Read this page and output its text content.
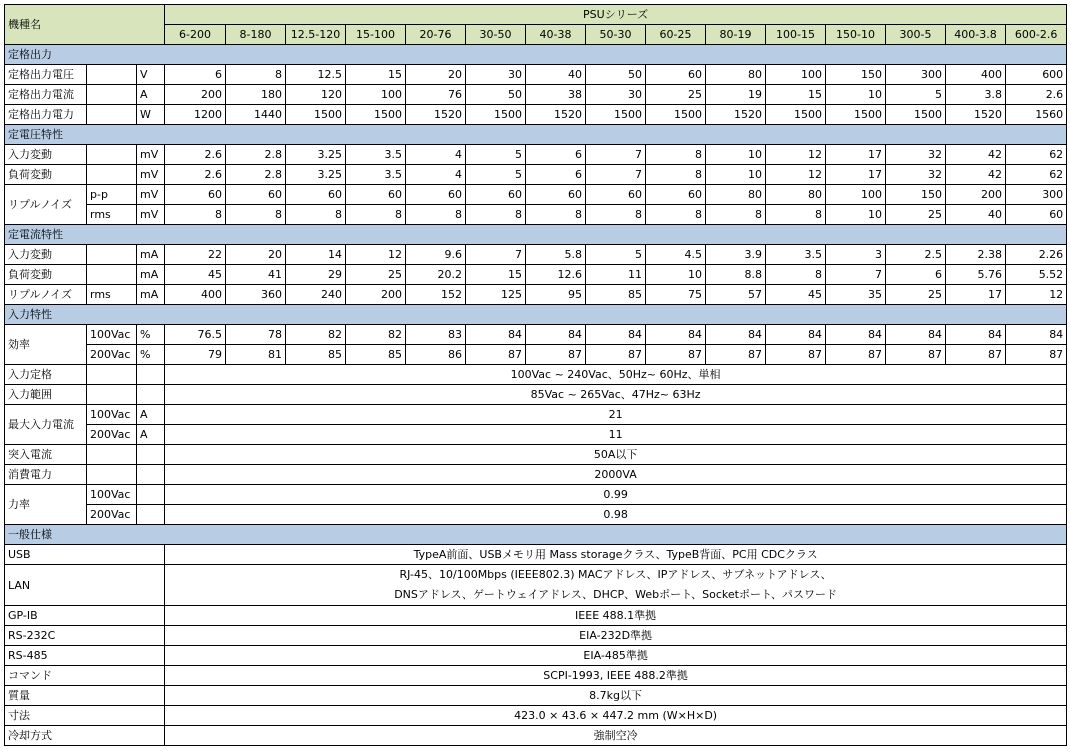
機種名			PSUシリーズ														
			6-200	8-180	12.5-120	15-100	20-76	30-50	40-38	50-30	60-25	80-19	100-15	150-10	300-5	400-3.8	600-2.6
定格出力																	
定格出力電圧		V	6	8	12.5	15	20	30	40	50	60	80	100	150	300	400	600
定格出力電流		A	200	180	120	100	76	50	38	30	25	19	15	10	5	3.8	2.6
定格出力電力		W	1200	1440	1500	1500	1520	1500	1520	1500	1500	1520	1500	1500	1500	1520	1560
定電圧特性																	
入力変動		mV	2.6	2.8	3.25	3.5	4	5	6	7	8	10	12	17	32	42	62
負荷変動		mV	2.6	2.8	3.25	3.5	4	5	6	7	8	10	12	17	32	42	62
リプルノイズ	p-p	mV	60	60	60	60	60	60	60	60	60	80	80	100	150	200	300
	rms	mV	8	8	8	8	8	8	8	8	8	8	8	10	25	40	60
定電流特性																	
入力変動		mA	22	20	14	12	9.6	7	5.8	5	4.5	3.9	3.5	3	2.5	2.38	2.26
負荷変動		mA	45	41	29	25	20.2	15	12.6	11	10	8.8	8	7	6	5.76	5.52
リプルノイズ	rms	mA	400	360	240	200	152	125	95	85	75	57	45	35	25	17	12
入力特性																	
効率	100Vac	%	76.5	78	82	82	83	84	84	84	84	84	84	84	84	84	84
	200Vac	%	79	81	85	85	86	87	87	87	87	87	87	87	87	87	87
入力定格			100Vac ~ 240Vac、50Hz~ 60Hz、単相														
入力範囲			85Vac ~ 265Vac、47Hz~ 63Hz														
最大入力電流	100Vac	A	21														
	200Vac	A	11														
突入電流			50A以下														
消費電力			2000VA														
力率	100Vac		0.99														
	200Vac		0.98														
一般仕様																	
USB			TypeA前面、USBメモリ用 Mass storageクラス、TypeB背面、PC用 CDCクラス														
LAN			RJ-45、10/100Mbps (IEEE802.3) MACアドレス、IPアドレス、サブネットアドレス、
DNSアドレス、ゲートウェイアドレス、DHCP、Webポート、Socketポート、パスワード														

GP-IB			IEEE 488.1準拠														
RS-232C			EIA-232D準拠														
RS-485			EIA-485準拠														
コマンド			SCPI-1993, IEEE 488.2準拠														
質量			8.7kg以下														
寸法			423.0 × 43.6 × 447.2 mm (W×H×D)														
冷却方式			強制空冷														
